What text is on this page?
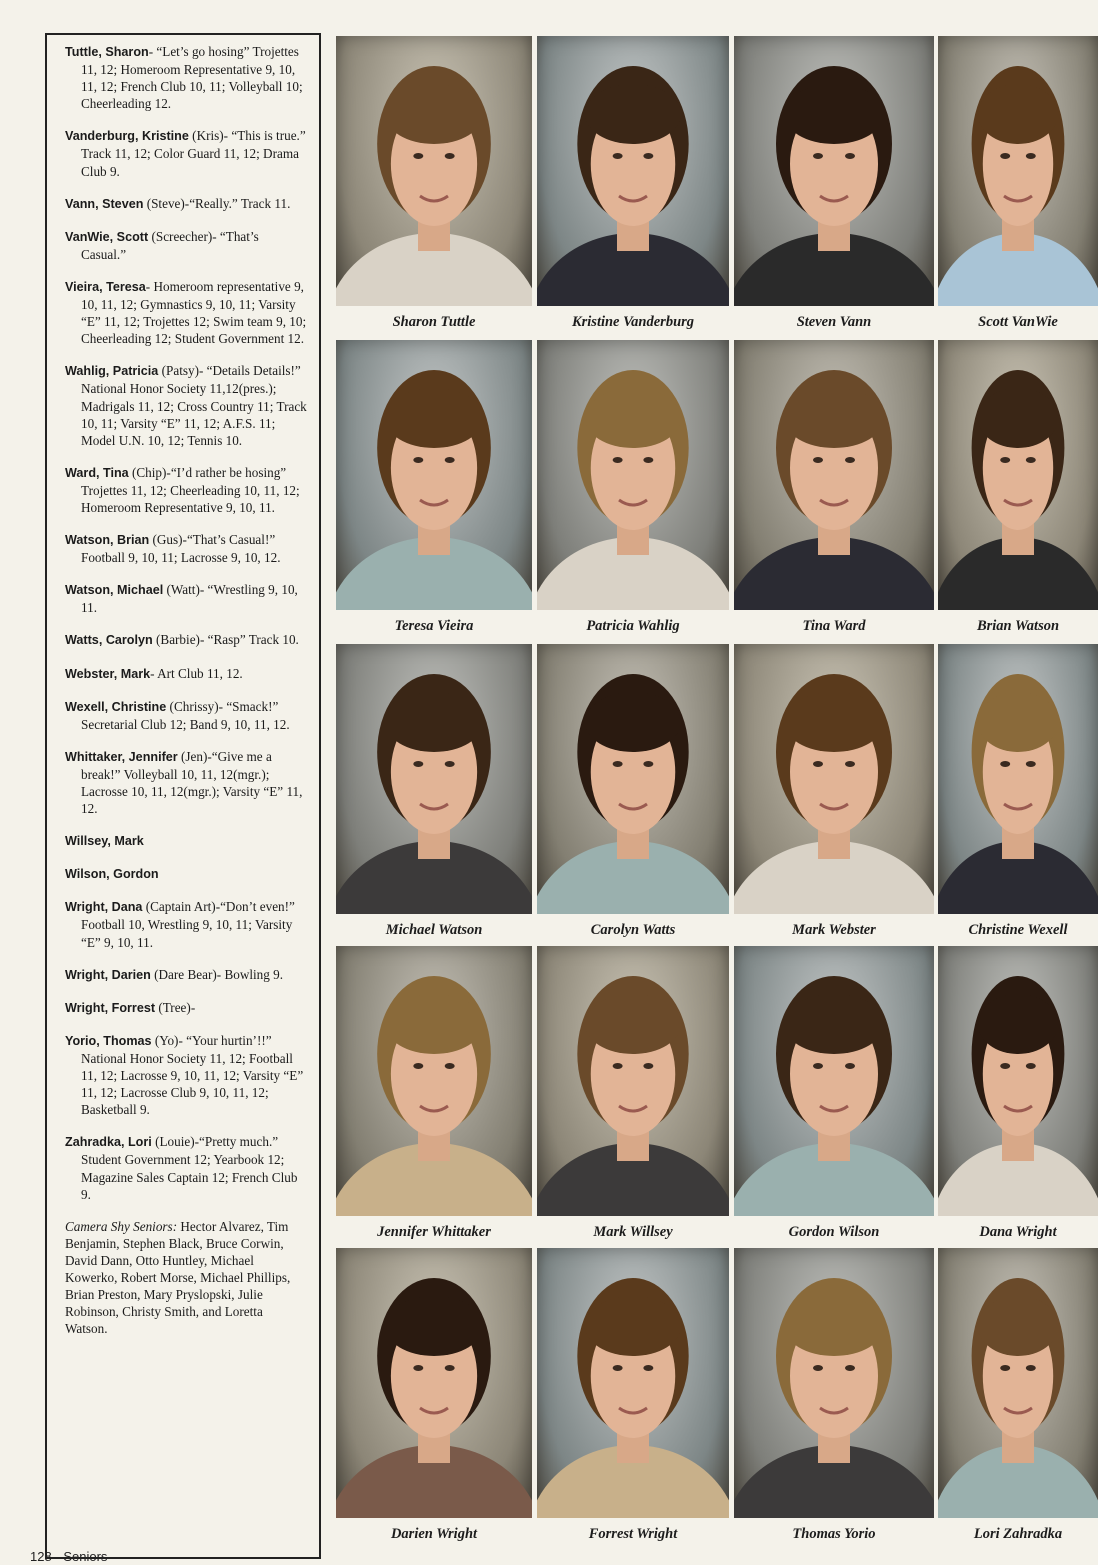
Tuttle, Sharon- “Let’s go hosing” Trojettes 11, 12; Homeroom Representative 9, 10, 11, 12; French Club 10, 11; Volleyball 10; Cheerleading 12.
Vanderburg, Kristine (Kris)- “This is true.” Track 11, 12; Color Guard 11, 12; Drama Club 9.
Vann, Steven (Steve)-“Really.” Track 11.
VanWie, Scott (Screecher)- “That’s Casual.”
Vieira, Teresa- Homeroom representative 9, 10, 11, 12; Gymnastics 9, 10, 11; Varsity “E” 11, 12; Trojettes 12; Swim team 9, 10; Cheerleading 12; Student Government 12.
Wahlig, Patricia (Patsy)- “Details Details!” National Honor Society 11,12(pres.); Madrigals 11, 12; Cross Country 11; Track 10, 11; Varsity “E” 11, 12; A.F.S. 11; Model U.N. 10, 12; Tennis 10.
Ward, Tina (Chip)-“I’d rather be hosing” Trojettes 11, 12; Cheerleading 10, 11, 12; Homeroom Representative 9, 10, 11.
Watson, Brian (Gus)-“That’s Casual!” Football 9, 10, 11; Lacrosse 9, 10, 12.
Watson, Michael (Watt)- “Wrestling 9, 10, 11.
Watts, Carolyn (Barbie)- “Rasp” Track 10.
Webster, Mark- Art Club 11, 12.
Wexell, Christine (Chrissy)- “Smack!” Secretarial Club 12; Band 9, 10, 11, 12.
Whittaker, Jennifer (Jen)-“Give me a break!” Volleyball 10, 11, 12(mgr.); Lacrosse 10, 11, 12(mgr.); Varsity “E” 11, 12.
Willsey, Mark
Wilson, Gordon
Wright, Dana (Captain Art)-“Don’t even!” Football 10, Wrestling 9, 10, 11; Varsity “E” 9, 10, 11.
Wright, Darien (Dare Bear)- Bowling 9.
Wright, Forrest (Tree)-
Yorio, Thomas (Yo)- “Your hurtin’!!” National Honor Society 11, 12; Football 11, 12; Lacrosse 9, 10, 11, 12; Varsity “E” 11, 12; Lacrosse Club 9, 10, 11, 12; Basketball 9.
Zahradka, Lori (Louie)-“Pretty much.” Student Government 12; Yearbook 12; Magazine Sales Captain 12; French Club 9.
Camera Shy Seniors: Hector Alvarez, Tim Benjamin, Stephen Black, Bruce Corwin, David Dann, Otto Huntley, Michael Kowerko, Robert Morse, Michael Phillips, Brian Preston, Mary Pryslopski, Julie Robinson, Christy Smith, and Loretta Watson.
Sharon Tuttle	Kristine Vanderburg	Steven Vann	Scott VanWie
Teresa Vieira	Patricia Wahlig	Tina Ward	Brian Watson
Michael Watson	Carolyn Watts	Mark Webster	Christine Wexell
Jennifer Whittaker	Mark Willsey	Gordon Wilson	Dana Wright
Darien Wright	Forrest Wright	Thomas Yorio	Lori Zahradka
128 Seniors
